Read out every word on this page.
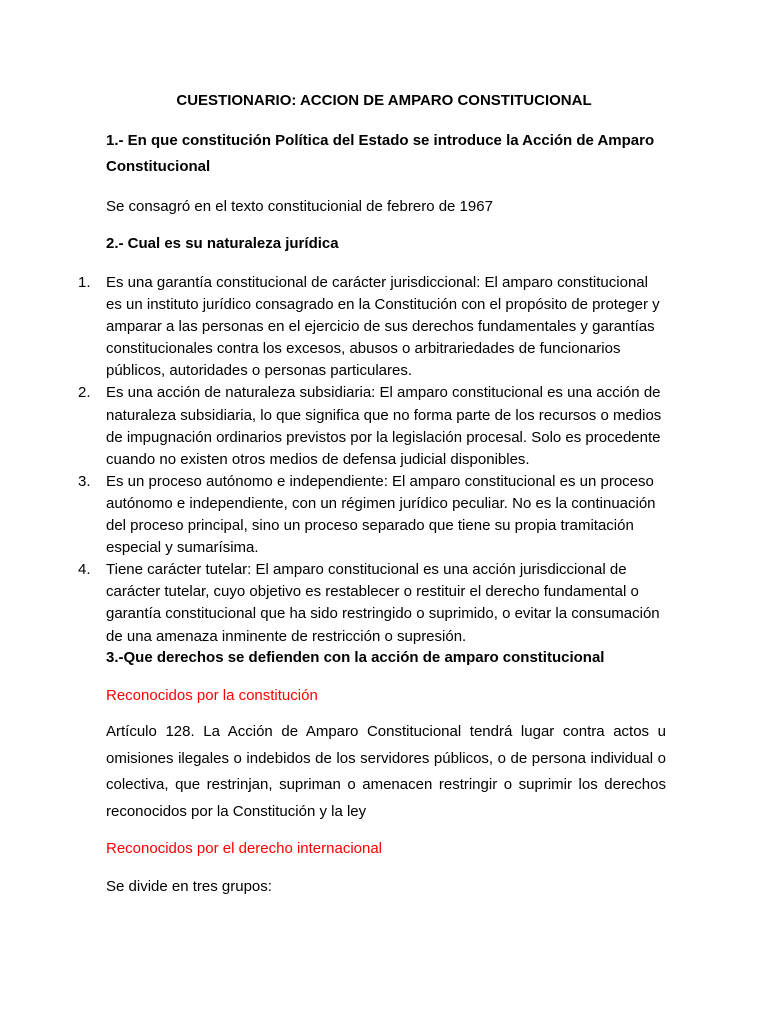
CUESTIONARIO: ACCION DE AMPARO CONSTITUCIONAL

1.- En que constitución Política del Estado se introduce la Acción de Amparo Constitucional

Se consagró en el texto constitucionial de febrero de 1967

2.- Cual es su naturaleza jurídica

1. Es una garantía constitucional de carácter jurisdiccional: El amparo constitucional es un instituto jurídico consagrado en la Constitución con el propósito de proteger y amparar a las personas en el ejercicio de sus derechos fundamentales y garantías constitucionales contra los excesos, abusos o arbitrariedades de funcionarios públicos, autoridades o personas particulares.
2. Es una acción de naturaleza subsidiaria: El amparo constitucional es una acción de naturaleza subsidiaria, lo que significa que no forma parte de los recursos o medios de impugnación ordinarios previstos por la legislación procesal. Solo es procedente cuando no existen otros medios de defensa judicial disponibles.
3. Es un proceso autónomo e independiente: El amparo constitucional es un proceso autónomo e independiente, con un régimen jurídico peculiar. No es la continuación del proceso principal, sino un proceso separado que tiene su propia tramitación especial y sumarísima.
4. Tiene carácter tutelar: El amparo constitucional es una acción jurisdiccional de carácter tutelar, cuyo objetivo es restablecer o restituir el derecho fundamental o garantía constitucional que ha sido restringido o suprimido, o evitar la consumación de una amenaza inminente de restricción o supresión.

3.-Que derechos se defienden con la acción de amparo constitucional

Reconocidos por la constitución

Artículo 128. La Acción de Amparo Constitucional tendrá lugar contra actos u omisiones ilegales o indebidos de los servidores públicos, o de persona individual o colectiva, que restrinjan, supriman o amenacen restringir o suprimir los derechos reconocidos por la Constitución y la ley

Reconocidos por el derecho internacional

Se divide en tres grupos:
